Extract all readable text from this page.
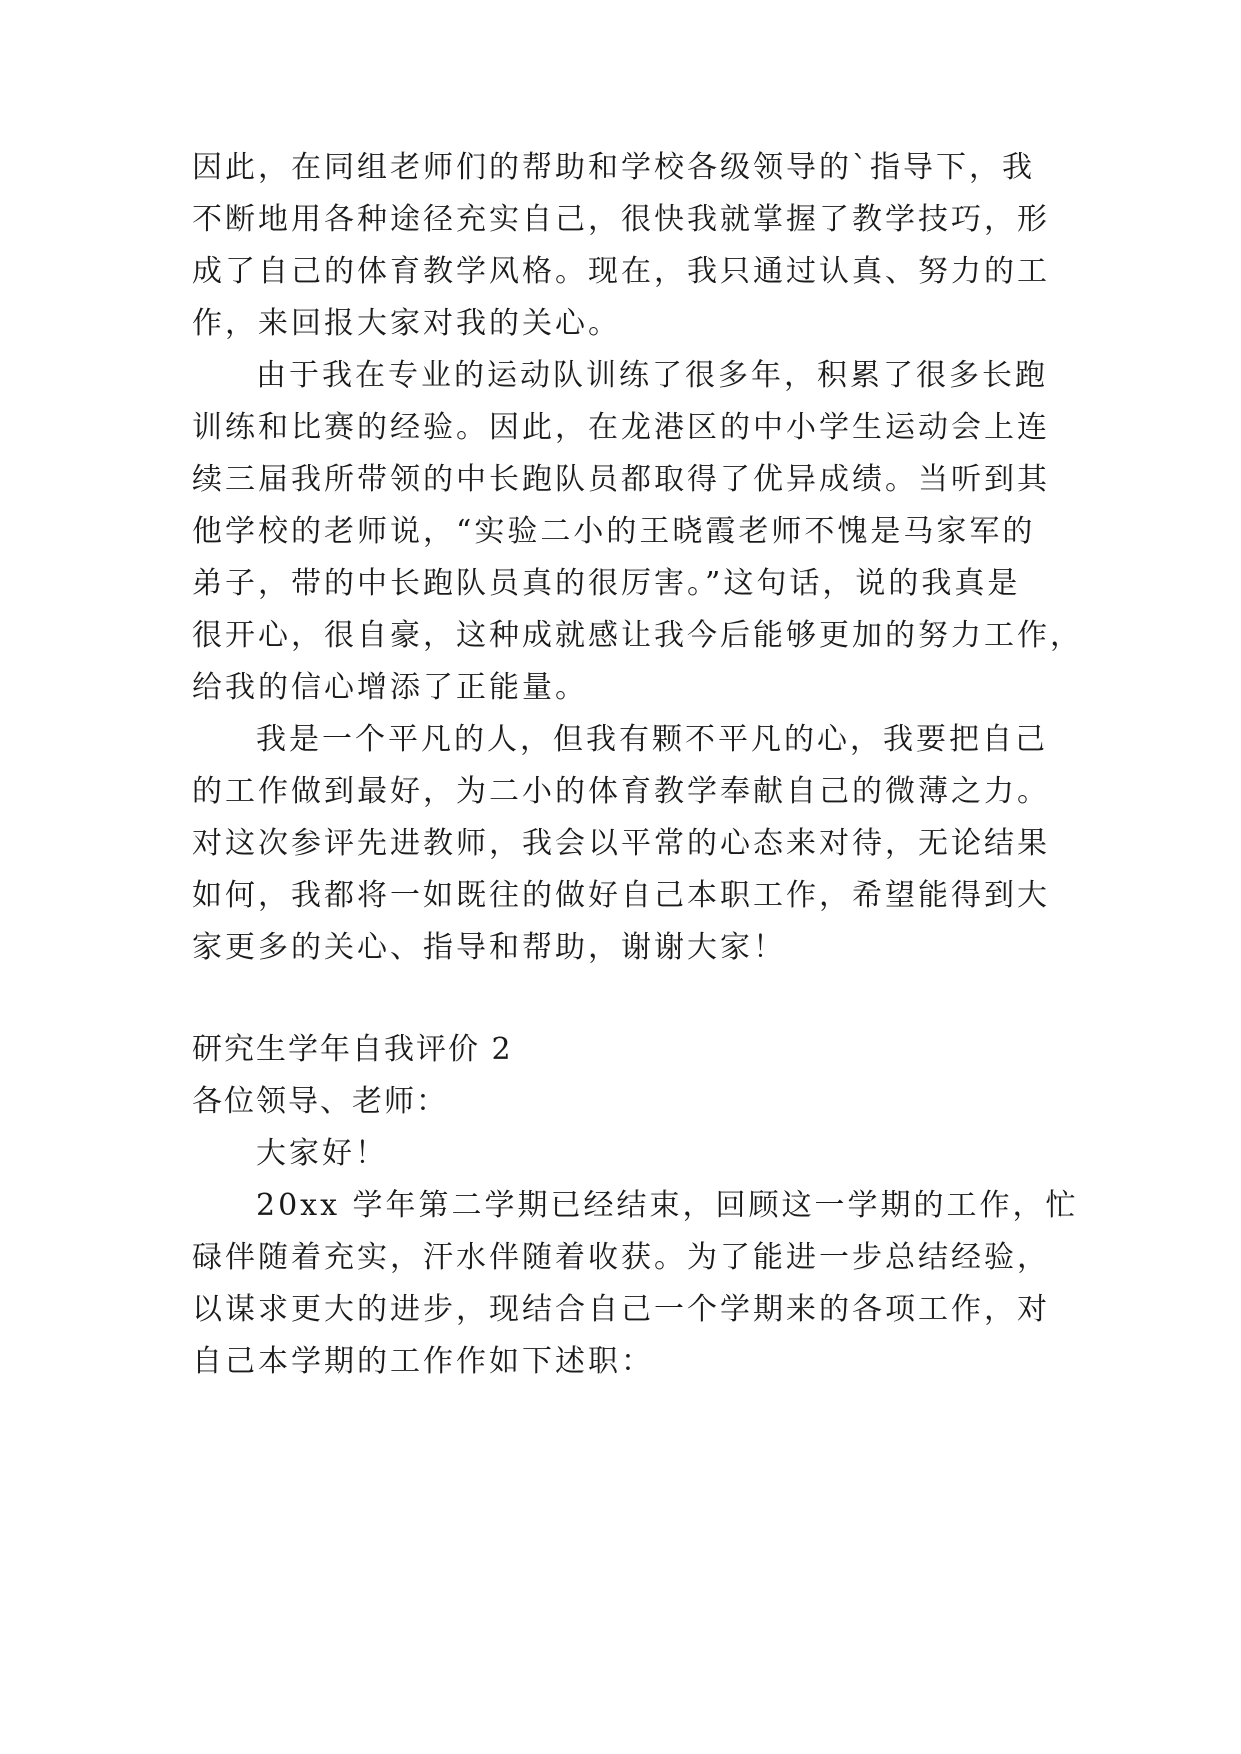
因此，在同组老师们的帮助和学校各级领导的`指导下，我
不断地用各种途径充实自己，很快我就掌握了教学技巧，形
成了自己的体育教学风格。现在，我只通过认真、努力的工
作，来回报大家对我的关心。
由于我在专业的运动队训练了很多年，积累了很多长跑
训练和比赛的经验。因此，在龙港区的中小学生运动会上连
续三届我所带领的中长跑队员都取得了优异成绩。当听到其
他学校的老师说，“实验二小的王晓霞老师不愧是马家军的
弟子，带的中长跑队员真的很厉害。”这句话，说的我真是
很开心，很自豪，这种成就感让我今后能够更加的努力工作，
给我的信心增添了正能量。
我是一个平凡的人，但我有颗不平凡的心，我要把自己
的工作做到最好，为二小的体育教学奉献自己的微薄之力。
对这次参评先进教师，我会以平常的心态来对待，无论结果
如何，我都将一如既往的做好自己本职工作，希望能得到大
家更多的关心、指导和帮助，谢谢大家！
研究生学年自我评价 2
各位领导、老师：
大家好！
20xx 学年第二学期已经结束，回顾这一学期的工作，忙
碌伴随着充实，汗水伴随着收获。为了能进一步总结经验，
以谋求更大的进步，现结合自己一个学期来的各项工作，对
自己本学期的工作作如下述职：
